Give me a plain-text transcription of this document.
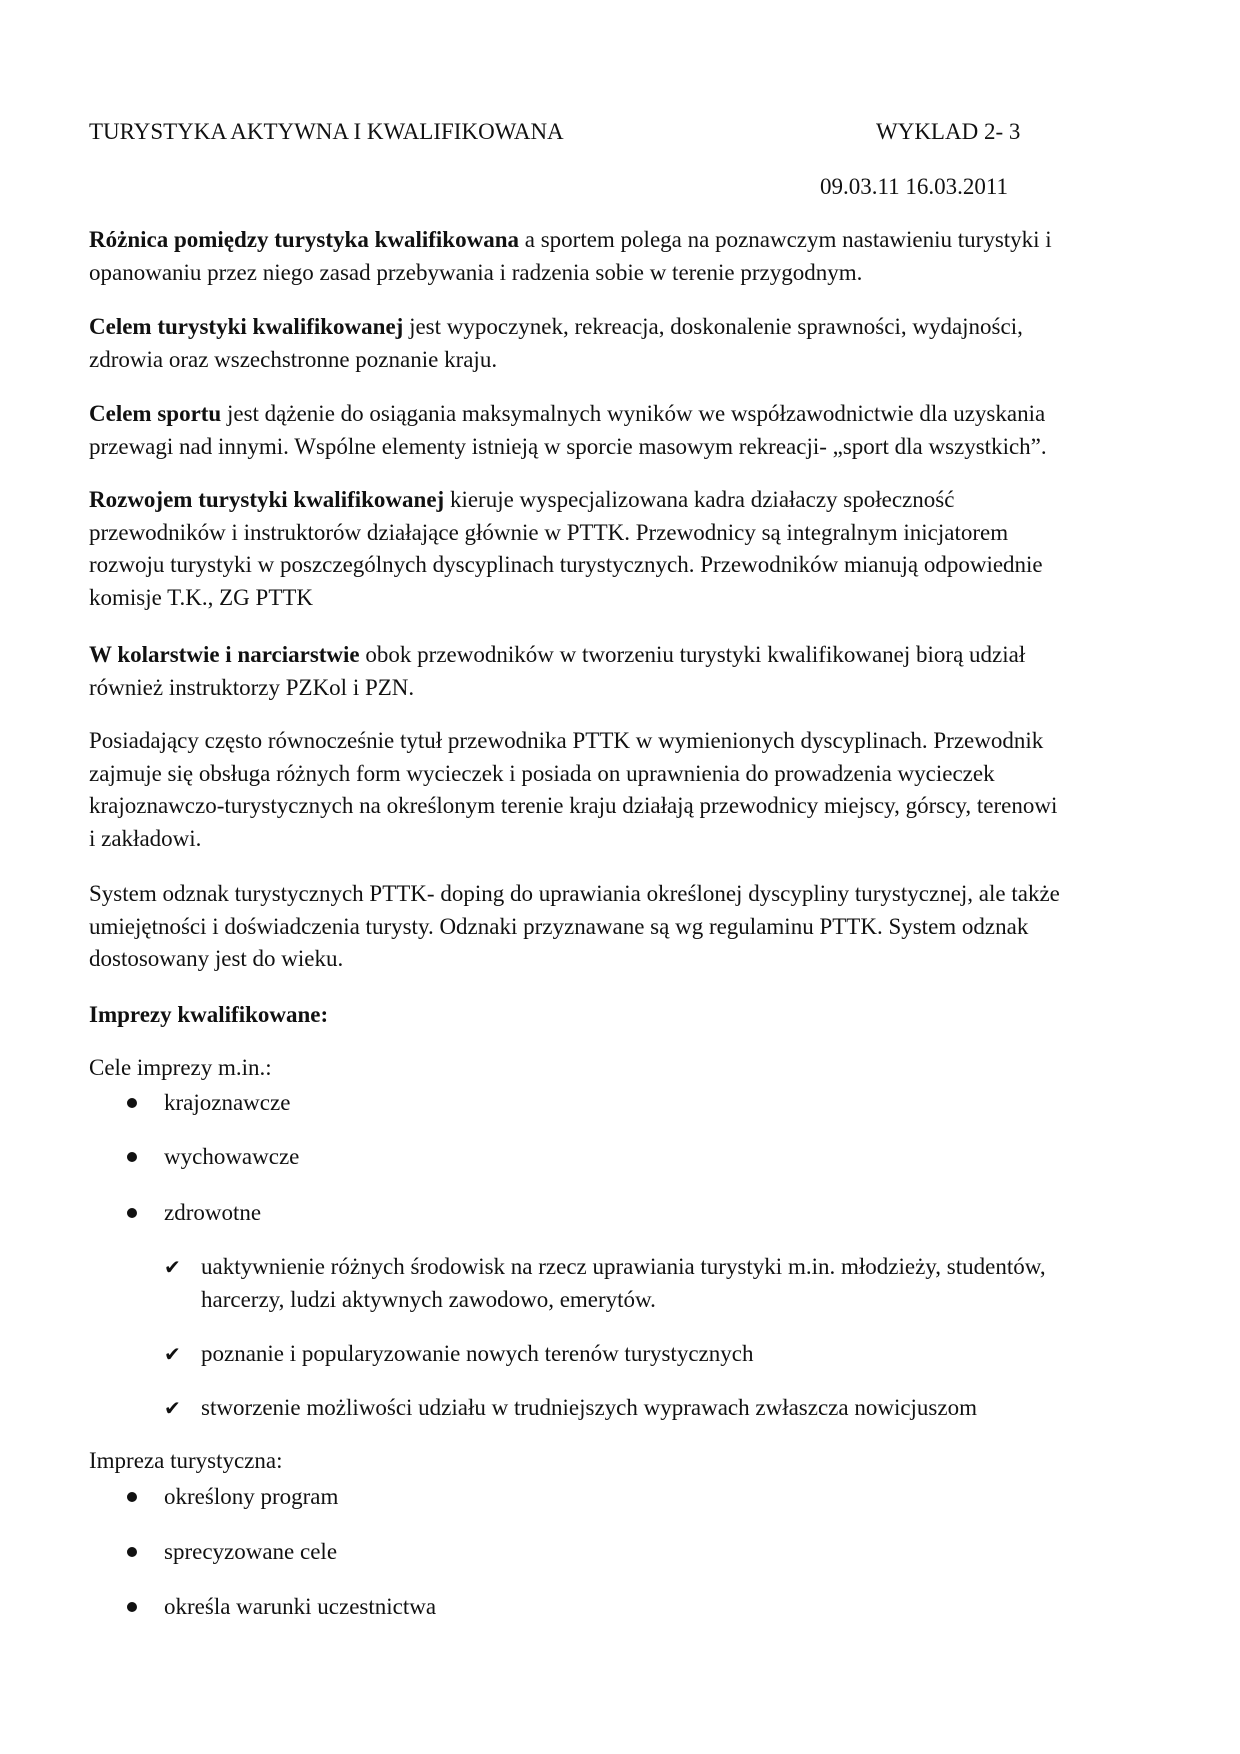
TURYSTYKA AKTYWNA I KWALIFIKOWANA	WYKLAD 2- 3
09.03.11 16.03.2011
Różnica pomiędzy turystyka kwalifikowana a sportem polega na poznawczym nastawieniu turystyki i
opanowaniu przez niego zasad przebywania i radzenia sobie w terenie przygodnym.
Celem turystyki kwalifikowanej jest wypoczynek, rekreacja, doskonalenie sprawności, wydajności,
zdrowia oraz wszechstronne poznanie kraju.
Celem sportu jest dążenie do osiągania maksymalnych wyników we współzawodnictwie dla uzyskania
przewagi nad innymi. Wspólne elementy istnieją w sporcie masowym rekreacji- „sport dla wszystkich”.
Rozwojem turystyki kwalifikowanej kieruje wyspecjalizowana kadra działaczy społeczność
przewodników i instruktorów działające głównie w PTTK. Przewodnicy są integralnym inicjatorem
rozwoju turystyki w poszczególnych dyscyplinach turystycznych. Przewodników mianują odpowiednie
komisje T.K., ZG PTTK
W kolarstwie i narciarstwie obok przewodników w tworzeniu turystyki kwalifikowanej biorą udział
również instruktorzy PZKol i PZN.
Posiadający często równocześnie tytuł przewodnika PTTK w wymienionych dyscyplinach. Przewodnik
zajmuje się obsługa różnych form wycieczek i posiada on uprawnienia do prowadzenia wycieczek
krajoznawczo-turystycznych na określonym terenie kraju działają przewodnicy miejscy, górscy, terenowi
i zakładowi.
System odznak turystycznych PTTK- doping do uprawiania określonej dyscypliny turystycznej, ale także
umiejętności i doświadczenia turysty. Odznaki przyznawane są wg regulaminu PTTK. System odznak
dostosowany jest do wieku.
Imprezy kwalifikowane:
Cele imprezy m.in.:
krajoznawcze
wychowawcze
zdrowotne
✔ uaktywnienie różnych środowisk na rzecz uprawiania turystyki m.in. młodzieży, studentów,
harcerzy, ludzi aktywnych zawodowo, emerytów.
✔ poznanie i popularyzowanie nowych terenów turystycznych
✔ stworzenie możliwości udziału w trudniejszych wyprawach zwłaszcza nowicjuszom
Impreza turystyczna:
określony program
sprecyzowane cele
określa warunki uczestnictwa
